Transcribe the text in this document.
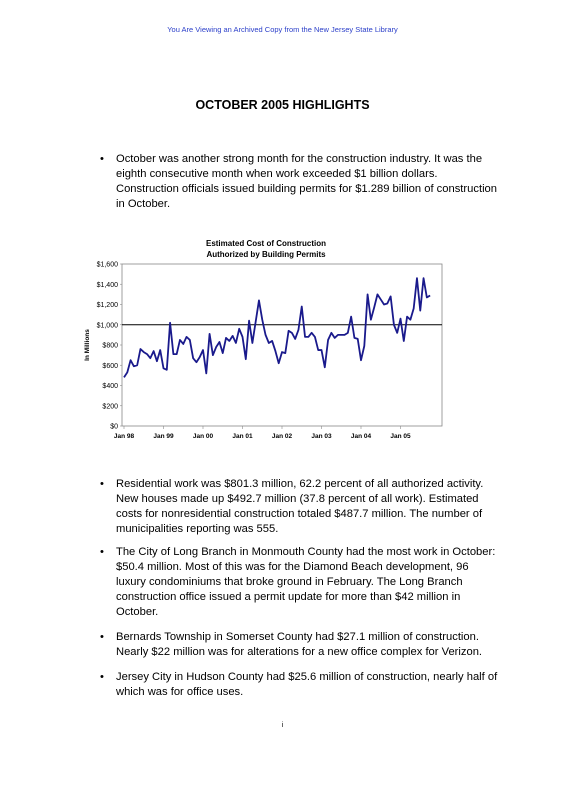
You Are Viewing an Archived Copy from the New Jersey State Library
OCTOBER 2005 HIGHLIGHTS
• October was another strong month for the construction industry. It was the eighth consecutive month when work exceeded $1 billion dollars. Construction officials issued building permits for $1.289 billion of construction in October.
Estimated Cost of Construction
Authorized by Building Permits
In Millions
$0
$200
$400
$600
$800
$1,000
$1,200
$1,400
$1,600
Jan 98	Jan 99	Jan 00	Jan 01	Jan 02	Jan 03	Jan 04	Jan 05
• Residential work was $801.3 million, 62.2 percent of all authorized activity. New houses made up $492.7 million (37.8 percent of all work). Estimated costs for nonresidential construction totaled $487.7 million. The number of municipalities reporting was 555.
• The City of Long Branch in Monmouth County had the most work in October: $50.4 million. Most of this was for the Diamond Beach development, 96 luxury condominiums that broke ground in February. The Long Branch construction office issued a permit update for more than $42 million in October.
• Bernards Township in Somerset County had $27.1 million of construction. Nearly $22 million was for alterations for a new office complex for Verizon.
• Jersey City in Hudson County had $25.6 million of construction, nearly half of which was for office uses.
i
